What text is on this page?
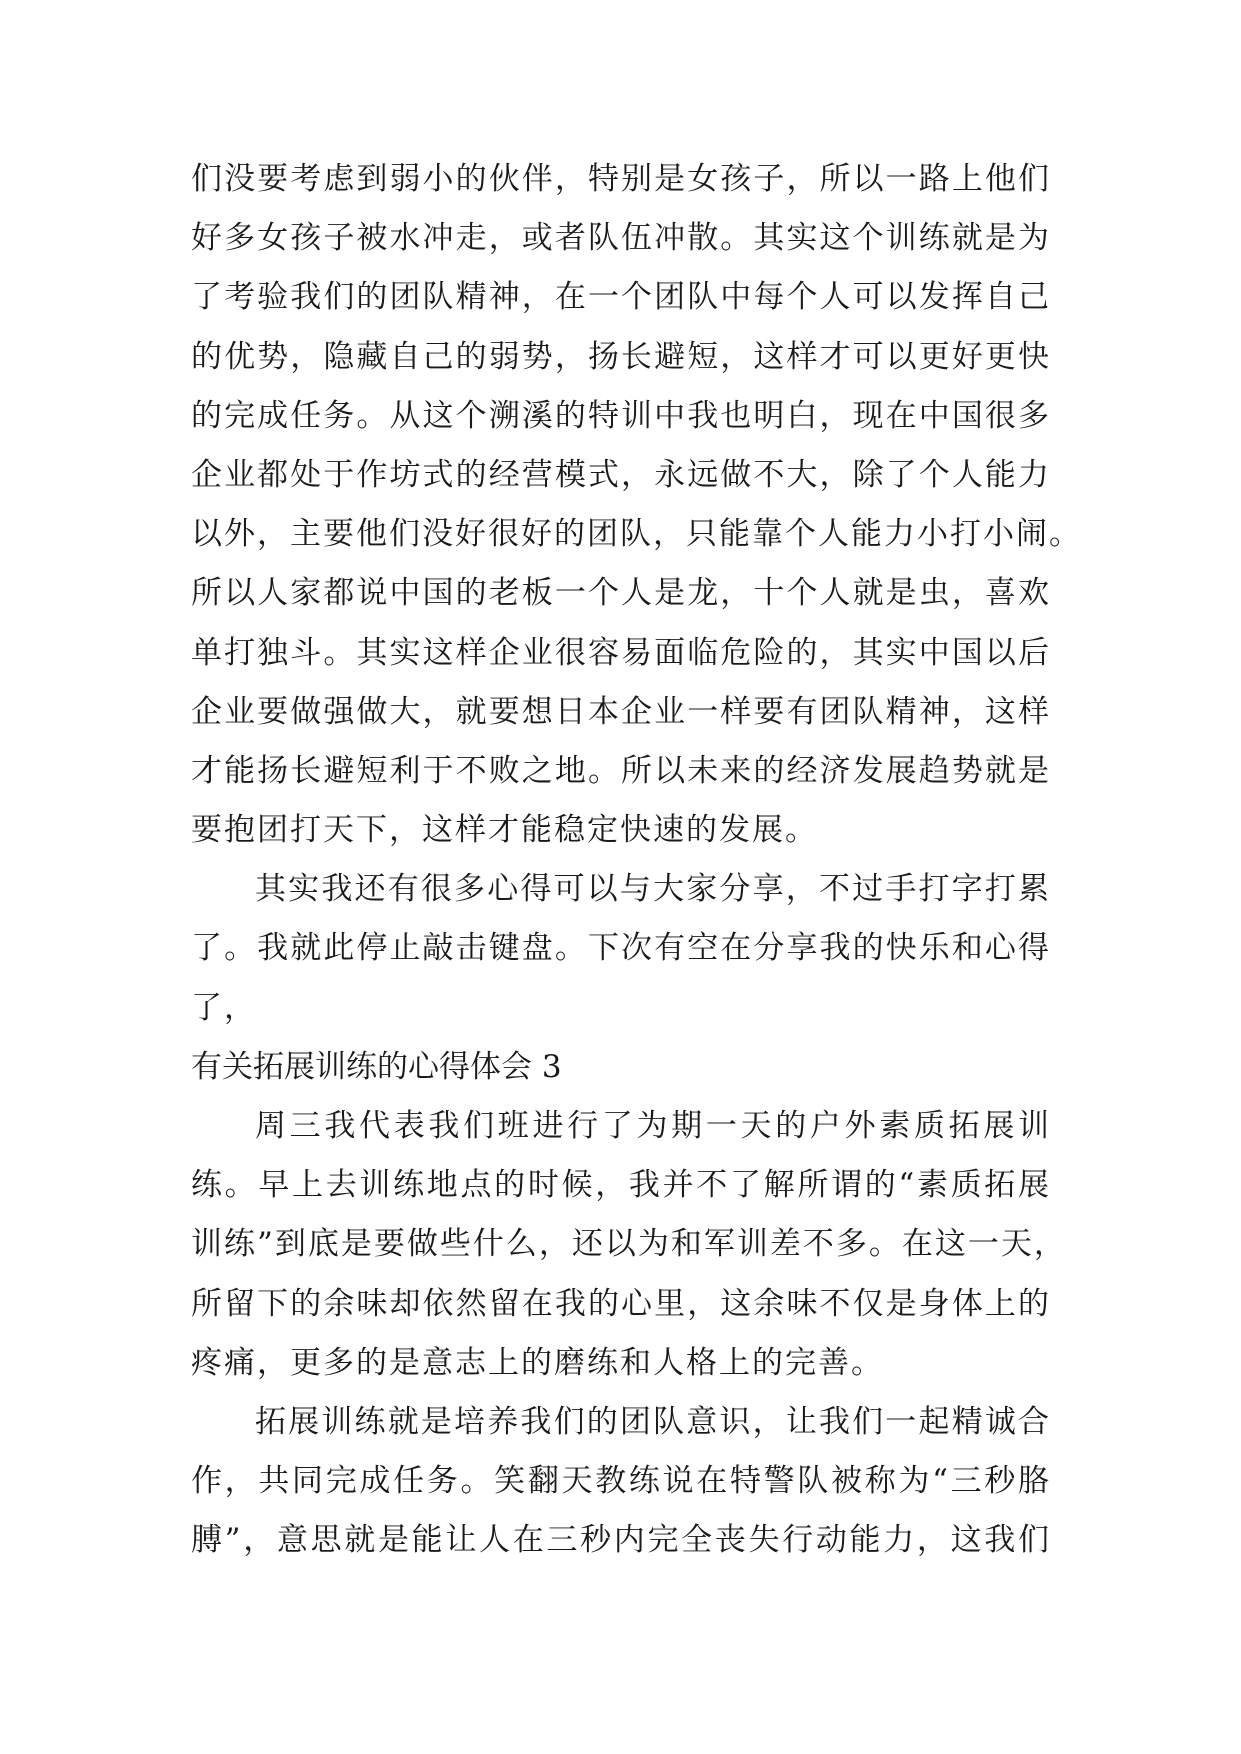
们没要考虑到弱小的伙伴，特别是女孩子，所以一路上他们
好多女孩子被水冲走，或者队伍冲散。其实这个训练就是为
了考验我们的团队精神，在一个团队中每个人可以发挥自己
的优势，隐藏自己的弱势，扬长避短，这样才可以更好更快
的完成任务。从这个溯溪的特训中我也明白，现在中国很多
企业都处于作坊式的经营模式，永远做不大，除了个人能力
以外，主要他们没好很好的团队，只能靠个人能力小打小闹。
所以人家都说中国的老板一个人是龙，十个人就是虫，喜欢
单打独斗。其实这样企业很容易面临危险的，其实中国以后
企业要做强做大，就要想日本企业一样要有团队精神，这样
才能扬长避短利于不败之地。所以未来的经济发展趋势就是
要抱团打天下，这样才能稳定快速的发展。
其实我还有很多心得可以与大家分享，不过手打字打累
了。我就此停止敲击键盘。下次有空在分享我的快乐和心得
了，
有关拓展训练的心得体会 3
周三我代表我们班进行了为期一天的户外素质拓展训
练。早上去训练地点的时候，我并不了解所谓的“素质拓展
训练”到底是要做些什么，还以为和军训差不多。在这一天，
所留下的余味却依然留在我的心里，这余味不仅是身体上的
疼痛，更多的是意志上的磨练和人格上的完善。
拓展训练就是培养我们的团队意识，让我们一起精诚合
作，共同完成任务。笑翻天教练说在特警队被称为“三秒胳
膊”，意思就是能让人在三秒内完全丧失行动能力，这我们
